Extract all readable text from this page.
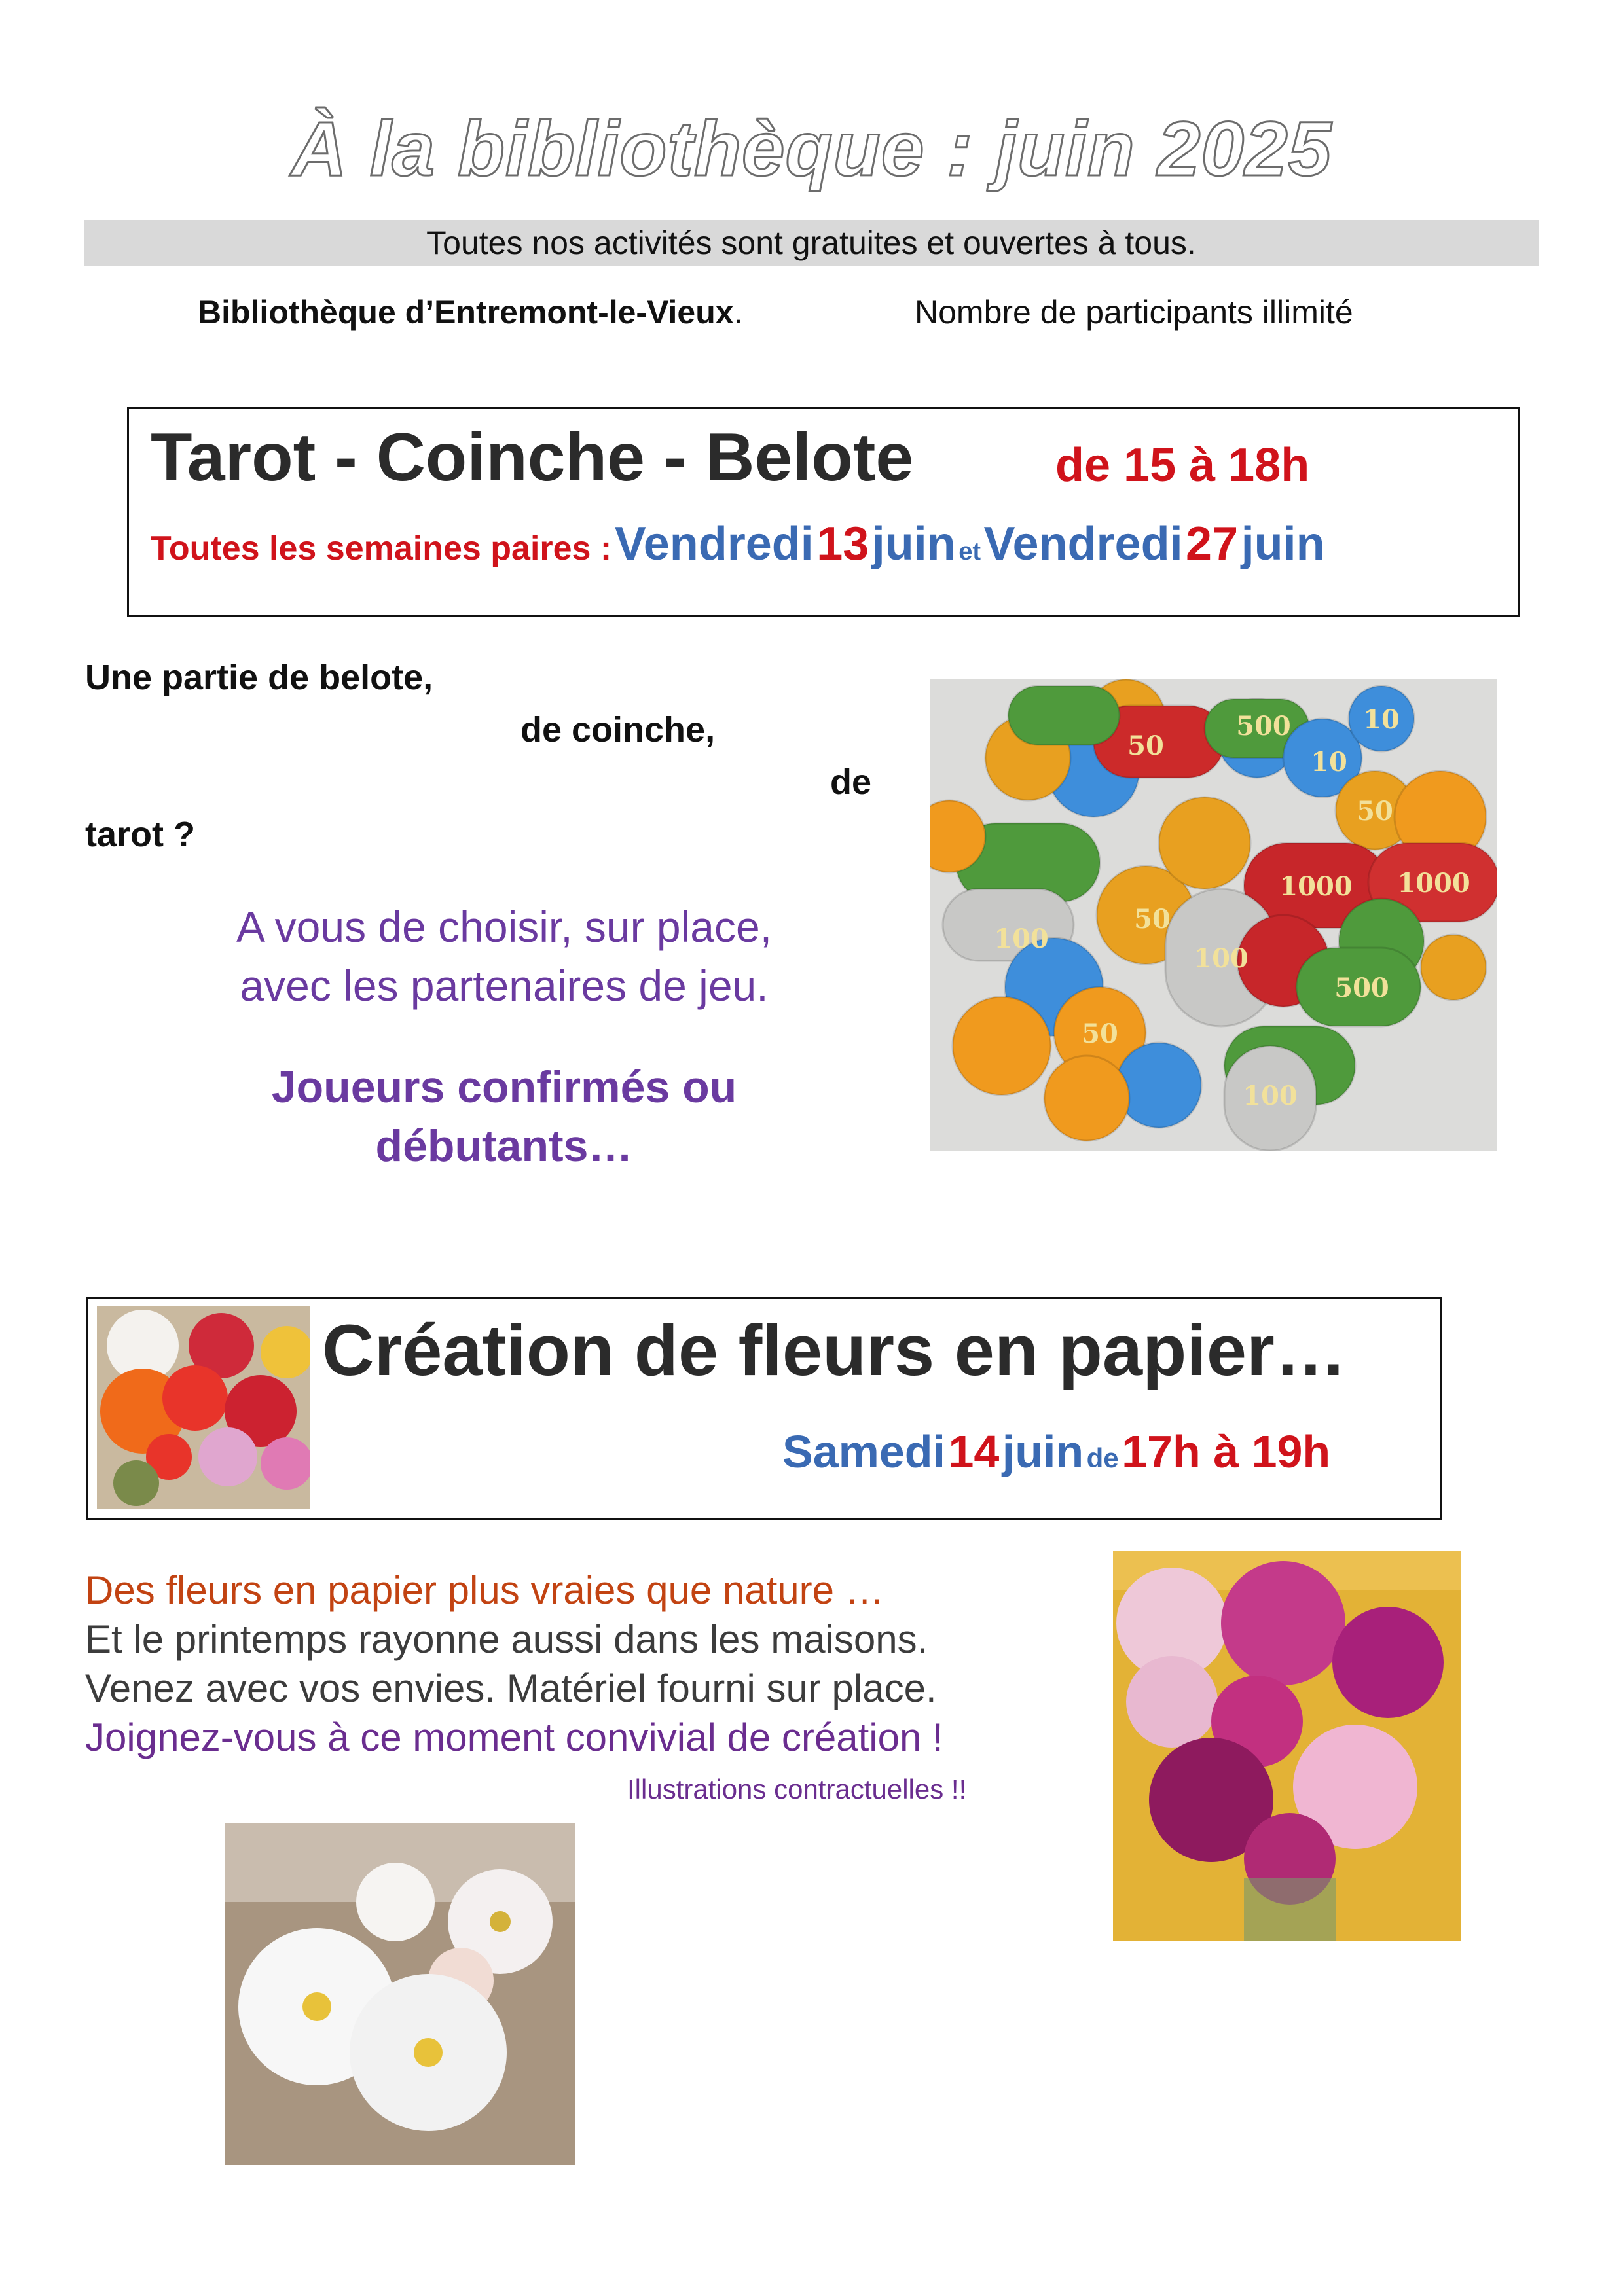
À la bibliothèque : juin 2025
Toutes nos activités sont gratuites et ouvertes à tous.
Bibliothèque d’Entremont-le-Vieux.	Nombre de participants illimité
Tarot - Coinche - Belote	de 15 à 18h
Toutes les semaines paires : Vendredi 13 juin et Vendredi 27 juin
Une partie de belote,
de coinche,
de
tarot ?
A vous de choisir, sur place,
avec les partenaires de jeu.
Joueurs confirmés ou
débutants…
500
50
10
100
1000
1000
500
50
100
100
10
50
50
Création de fleurs en papier…
Samedi 14 juin de 17h à 19h
Des fleurs en papier plus vraies que nature …
Et le printemps rayonne aussi dans les maisons.
Venez avec vos envies. Matériel fourni sur place.
Joignez-vous à ce moment convivial de création !
Illustrations contractuelles !!
